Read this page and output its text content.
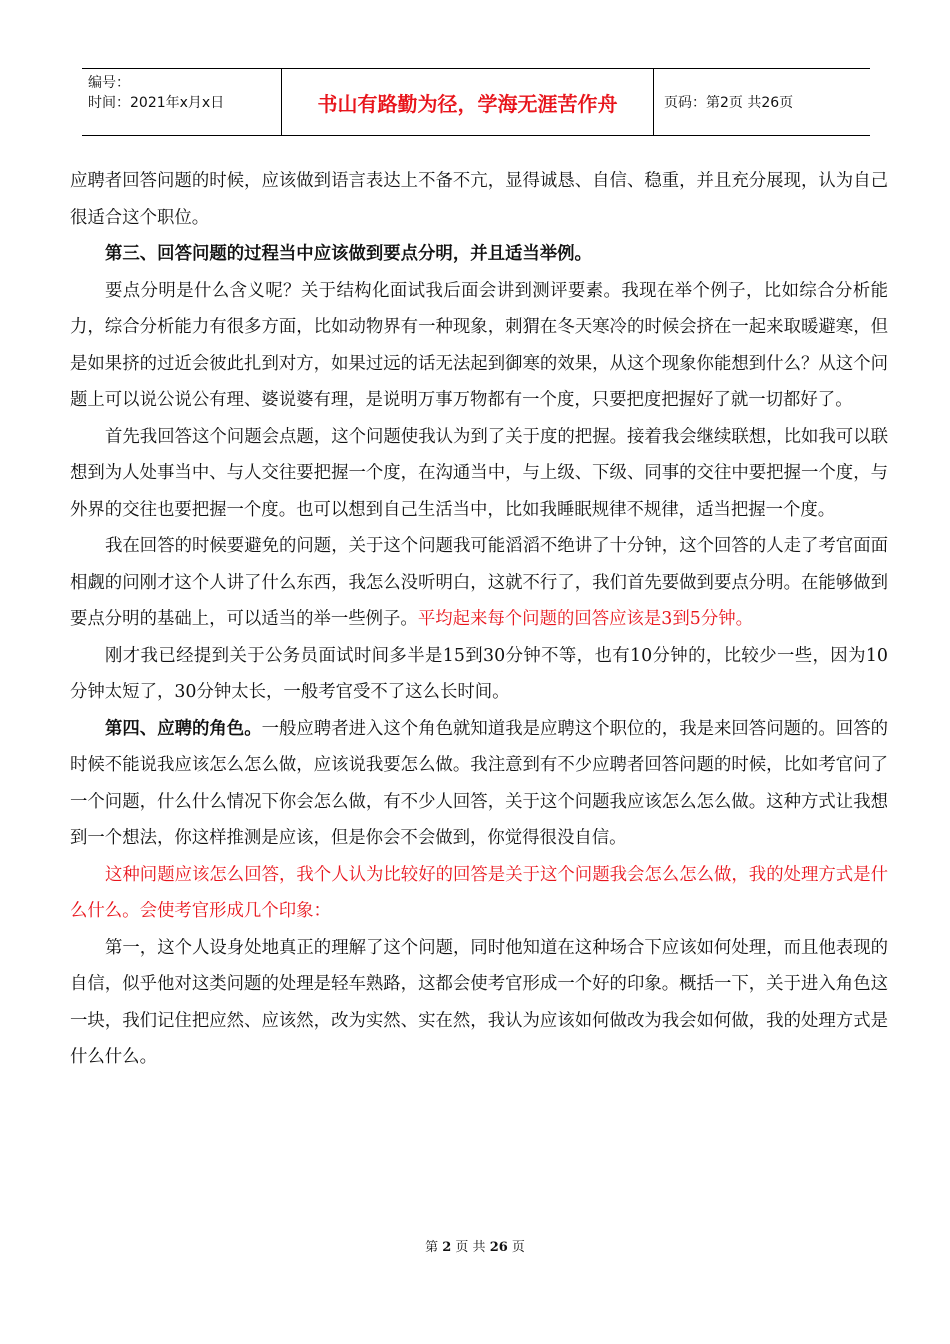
编号：
时间：2021年x月x日	书山有路勤为径，学海无涯苦作舟	页码：第2页 共26页

应聘者回答问题的时候，应该做到语言表达上不备不亢，显得诚恳、自信、稳重，并且充分展现，认为自己很适合这个职位。

第三、回答问题的过程当中应该做到要点分明，并且适当举例。

要点分明是什么含义呢？关于结构化面试我后面会讲到测评要素。我现在举个例子，比如综合分析能力，综合分析能力有很多方面，比如动物界有一种现象，刺猬在冬天寒冷的时候会挤在一起来取暖避寒，但是如果挤的过近会彼此扎到对方，如果过远的话无法起到御寒的效果，从这个现象你能想到什么？从这个问题上可以说公说公有理、婆说婆有理，是说明万事万物都有一个度，只要把度把握好了就一切都好了。

首先我回答这个问题会点题，这个问题使我认为到了关于度的把握。接着我会继续联想，比如我可以联想到为人处事当中、与人交往要把握一个度，在沟通当中，与上级、下级、同事的交往中要把握一个度，与外界的交往也要把握一个度。也可以想到自己生活当中，比如我睡眠规律不规律，适当把握一个度。

我在回答的时候要避免的问题，关于这个问题我可能滔滔不绝讲了十分钟，这个回答的人走了考官面面相觑的问刚才这个人讲了什么东西，我怎么没听明白，这就不行了，我们首先要做到要点分明。在能够做到要点分明的基础上，可以适当的举一些例子。平均起来每个问题的回答应该是3到5分钟。

刚才我已经提到关于公务员面试时间多半是15到30分钟不等，也有10分钟的，比较少一些，因为10分钟太短了，30分钟太长，一般考官受不了这么长时间。

第四、应聘的角色。一般应聘者进入这个角色就知道我是应聘这个职位的，我是来回答问题的。回答的时候不能说我应该怎么怎么做，应该说我要怎么做。我注意到有不少应聘者回答问题的时候，比如考官问了一个问题，什么什么情况下你会怎么做，有不少人回答，关于这个问题我应该怎么怎么做。这种方式让我想到一个想法，你这样推测是应该，但是你会不会做到，你觉得很没自信。

这种问题应该怎么回答，我个人认为比较好的回答是关于这个问题我会怎么怎么做，我的处理方式是什么什么。会使考官形成几个印象：

第一，这个人设身处地真正的理解了这个问题，同时他知道在这种场合下应该如何处理，而且他表现的自信，似乎他对这类问题的处理是轻车熟路，这都会使考官形成一个好的印象。概括一下，关于进入角色这一块，我们记住把应然、应该然，改为实然、实在然，我认为应该如何做改为我会如何做，我的处理方式是什么什么。

第 2 页 共 26 页
